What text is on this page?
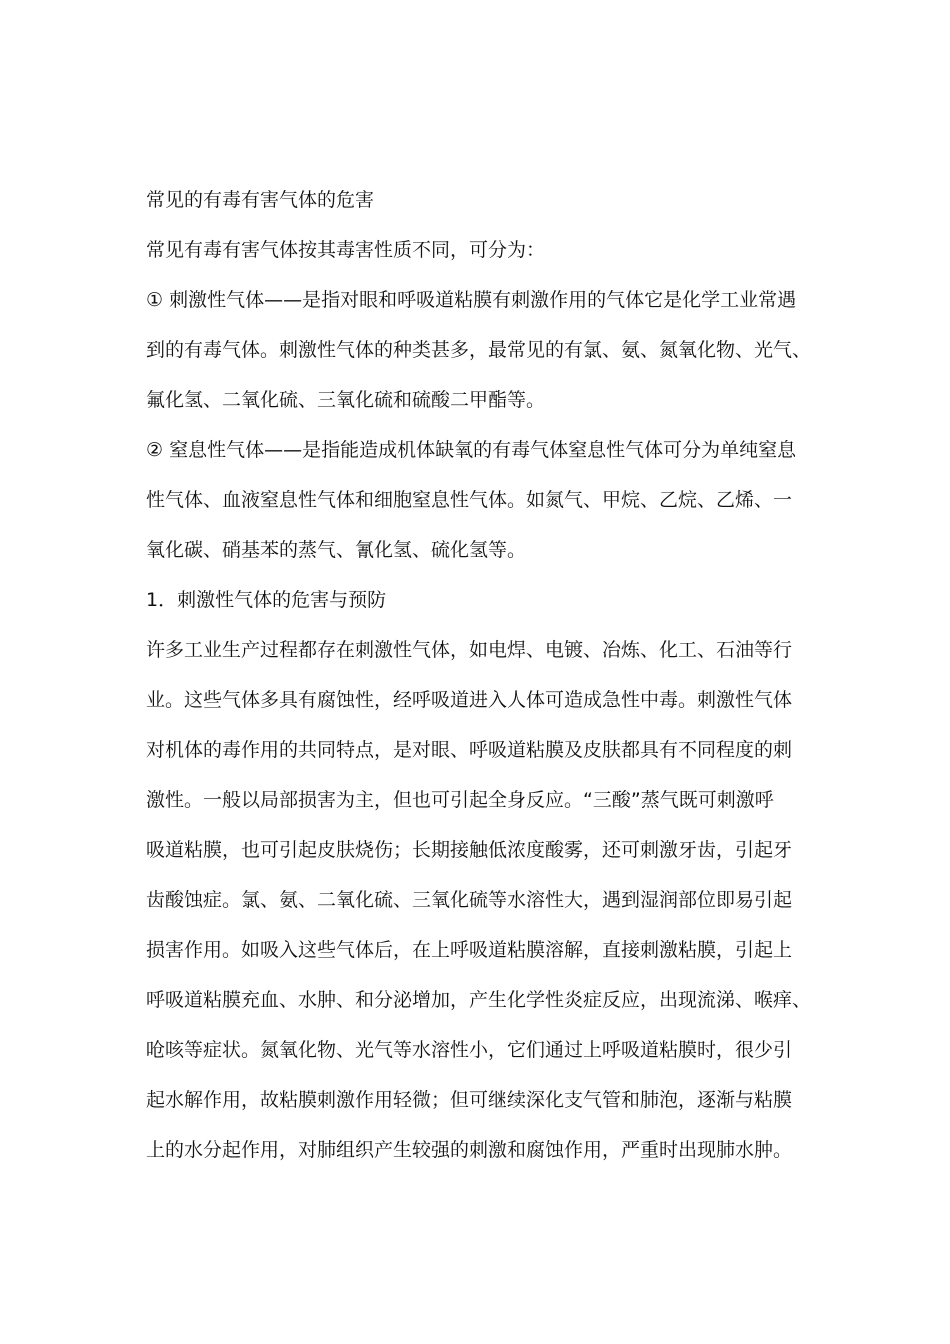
常见的有毒有害气体的危害
常见有毒有害气体按其毒害性质不同，可分为：
① 刺激性气体——是指对眼和呼吸道粘膜有刺激作用的气体它是化学工业常遇
到的有毒气体。刺激性气体的种类甚多，最常见的有氯、氨、氮氧化物、光气、
氟化氢、二氧化硫、三氧化硫和硫酸二甲酯等。
② 窒息性气体——是指能造成机体缺氧的有毒气体窒息性气体可分为单纯窒息
性气体、血液窒息性气体和细胞窒息性气体。如氮气、甲烷、乙烷、乙烯、一
氧化碳、硝基苯的蒸气、氰化氢、硫化氢等。
1．刺激性气体的危害与预防
许多工业生产过程都存在刺激性气体，如电焊、电镀、冶炼、化工、石油等行
业。这些气体多具有腐蚀性，经呼吸道进入人体可造成急性中毒。刺激性气体
对机体的毒作用的共同特点，是对眼、呼吸道粘膜及皮肤都具有不同程度的刺
激性。一般以局部损害为主，但也可引起全身反应。“三酸”蒸气既可刺激呼
吸道粘膜，也可引起皮肤烧伤；长期接触低浓度酸雾，还可刺激牙齿，引起牙
齿酸蚀症。氯、氨、二氧化硫、三氧化硫等水溶性大，遇到湿润部位即易引起
损害作用。如吸入这些气体后，在上呼吸道粘膜溶解，直接刺激粘膜，引起上
呼吸道粘膜充血、水肿、和分泌增加，产生化学性炎症反应，出现流涕、喉痒、
呛咳等症状。氮氧化物、光气等水溶性小，它们通过上呼吸道粘膜时，很少引
起水解作用，故粘膜刺激作用轻微；但可继续深化支气管和肺泡，逐渐与粘膜
上的水分起作用，对肺组织产生较强的刺激和腐蚀作用，严重时出现肺水肿。
